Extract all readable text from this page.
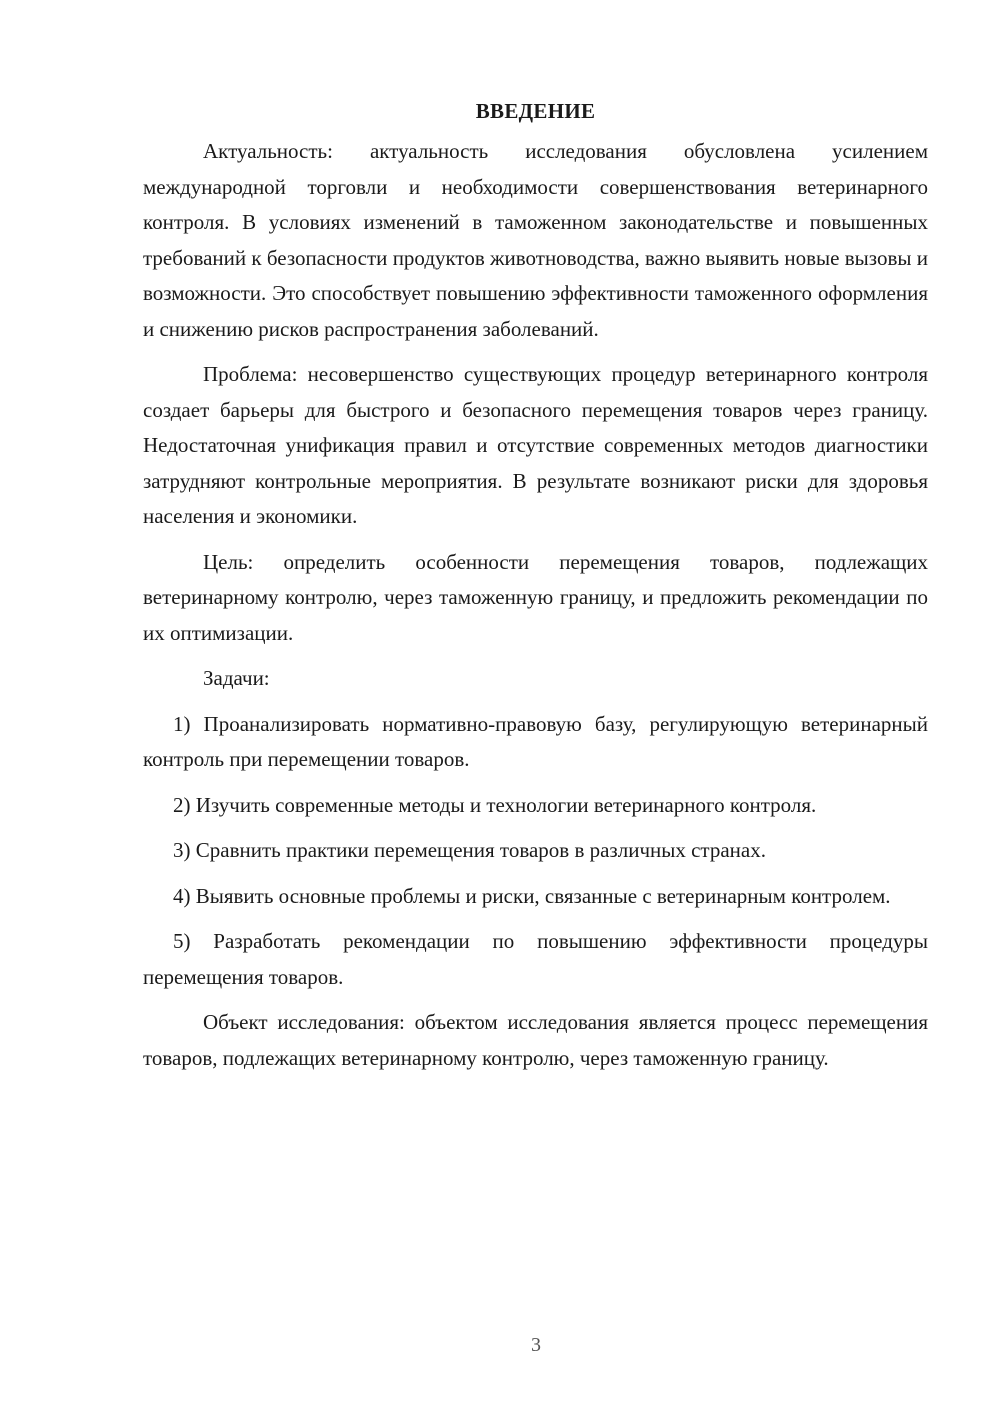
ВВЕДЕНИЕ

Актуальность: актуальность исследования обусловлена усилением международной торговли и необходимости совершенствования ветеринарного контроля. В условиях изменений в таможенном законодательстве и повышенных требований к безопасности продуктов животноводства, важно выявить новые вызовы и возможности. Это способствует повышению эффективности таможенного оформления и снижению рисков распространения заболеваний.

Проблема: несовершенство существующих процедур ветеринарного контроля создает барьеры для быстрого и безопасного перемещения товаров через границу. Недостаточная унификация правил и отсутствие современных методов диагностики затрудняют контрольные мероприятия. В результате возникают риски для здоровья населения и экономики.

Цель: определить особенности перемещения товаров, подлежащих ветеринарному контролю, через таможенную границу, и предложить рекомендации по их оптимизации.

Задачи:

1) Проанализировать нормативно-правовую базу, регулирующую ветеринарный контроль при перемещении товаров.

2) Изучить современные методы и технологии ветеринарного контроля.

3) Сравнить практики перемещения товаров в различных странах.

4) Выявить основные проблемы и риски, связанные с ветеринарным контролем.

5) Разработать рекомендации по повышению эффективности процедуры перемещения товаров.

Объект исследования: объектом исследования является процесс перемещения товаров, подлежащих ветеринарному контролю, через таможенную границу.

3
